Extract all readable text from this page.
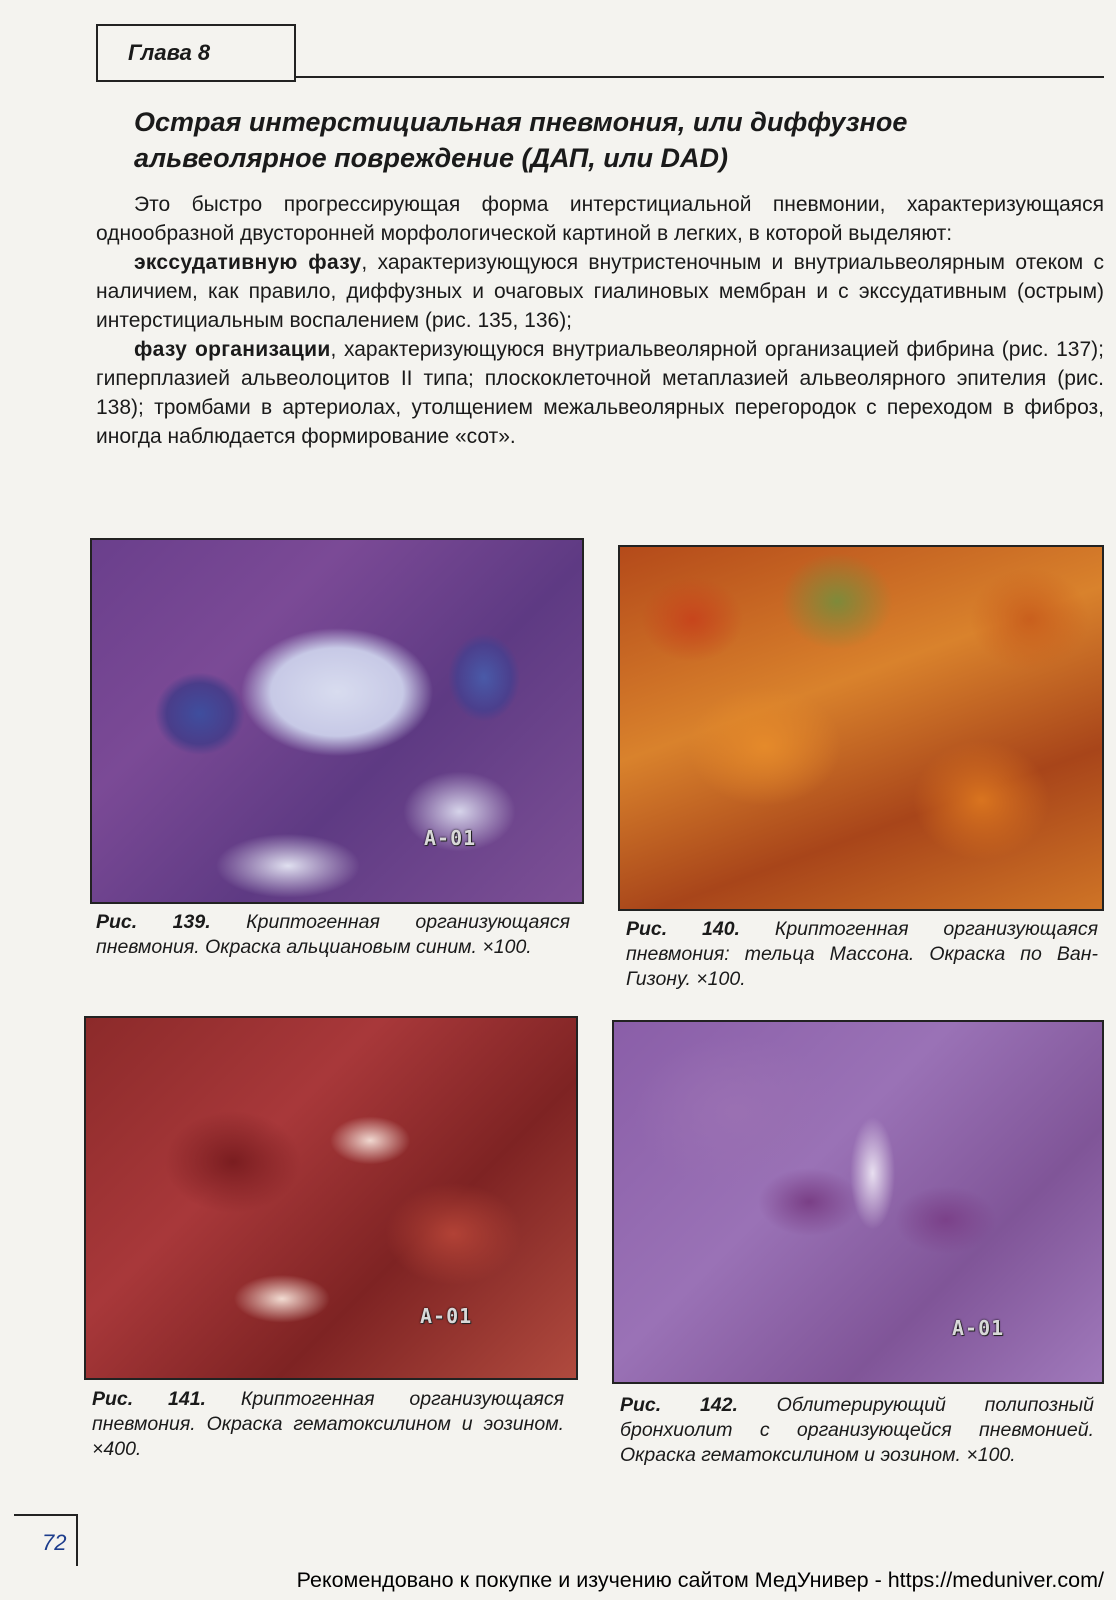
Глава 8
Острая интерстициальная пневмония, или диффузное
альвеолярное повреждение (ДАП, или DAD)

Это быстро прогрессирующая форма интерстициальной пневмонии, характеризующаяся однообразной двусторонней морфологической картиной в легких, в которой выделяют:

экссудативную фазу, характеризующуюся внутристеночным и внутриальвеолярным отеком с наличием, как правило, диффузных и очаговых гиалиновых мембран и с экссудативным (острым) интерстициальным воспалением (рис. 135, 136);

фазу организации, характеризующуюся внутриальвеолярной организацией фибрина (рис. 137); гиперплазией альвеолоцитов II типа; плоскоклеточной метаплазией альвеолярного эпителия (рис. 138); тромбами в артериолах, утолщением межальвеолярных перегородок с переходом в фиброз, иногда наблюдается формирование «сот».

A-01
Рис. 139. Криптогенная организующаяся пневмония. Окраска альциановым синим. ×100.
Рис. 140. Криптогенная организующаяся пневмония: тельца Массона. Окраска по Ван-Гизону. ×100.
A-01
Рис. 141. Криптогенная организующаяся пневмония. Окраска гематоксилином и эозином. ×400.
A-01
Рис. 142. Облитерирующий полипозный бронхиолит с организующейся пневмонией. Окраска гематоксилином и эозином. ×100.
72
Рекомендовано к покупке и изучению сайтом МедУнивер - https://meduniver.com/
